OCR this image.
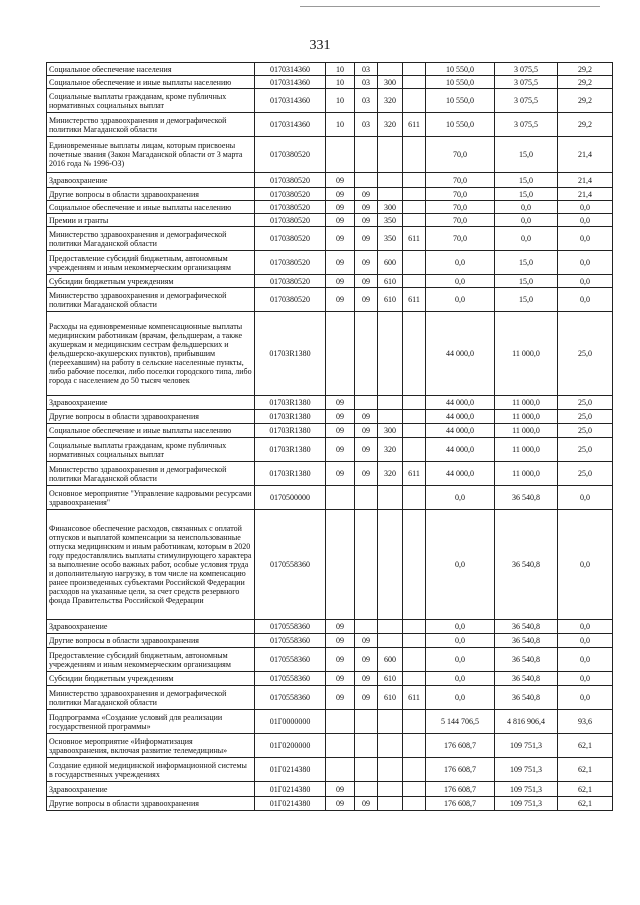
331
Социальное обеспечение населения	0170314360	10	03			10 550,0	3 075,5	29,2
Социальное обеспечение и иные выплаты населению	0170314360	10	03	300		10 550,0	3 075,5	29,2
Социальные выплаты гражданам, кроме публичных нормативных социальных выплат	0170314360	10	03	320		10 550,0	3 075,5	29,2
Министерство здравоохранения и демографической политики Магаданской области	0170314360	10	03	320	611	10 550,0	3 075,5	29,2
Единовременные выплаты лицам, которым присвоены почетные звания (Закон Магаданской области от 3 марта 2016 года № 1996-ОЗ)	0170380520					70,0	15,0	21,4
Здравоохранение	0170380520	09				70,0	15,0	21,4
Другие вопросы в области здравоохранения	0170380520	09	09			70,0	15,0	21,4
Социальное обеспечение и иные выплаты населению	0170380520	09	09	300		70,0	0,0	0,0
Премии и гранты	0170380520	09	09	350		70,0	0,0	0,0
Министерство здравоохранения и демографической политики Магаданской области	0170380520	09	09	350	611	70,0	0,0	0,0
Предоставление субсидий бюджетным, автономным учреждениям и иным некоммерческим организациям	0170380520	09	09	600		0,0	15,0	0,0
Субсидии бюджетным учреждениям	0170380520	09	09	610		0,0	15,0	0,0
Министерство здравоохранения и демографической политики Магаданской области	0170380520	09	09	610	611	0,0	15,0	0,0
Расходы на единовременные компенсационные выплаты медицинским работникам (врачам, фельдшерам, а также акушеркам и медицинским сестрам фельдшерских и фельдшерско-акушерских пунктов), прибывшим (переехавшим) на работу в сельские населенные пункты, либо рабочие поселки, либо поселки городского типа, либо города с населением до 50 тысяч человек	01703R1380					44 000,0	11 000,0	25,0
Здравоохранение	01703R1380	09				44 000,0	11 000,0	25,0
Другие вопросы в области здравоохранения	01703R1380	09	09			44 000,0	11 000,0	25,0
Социальное обеспечение и иные выплаты населению	01703R1380	09	09	300		44 000,0	11 000,0	25,0
Социальные выплаты гражданам, кроме публичных нормативных социальных выплат	01703R1380	09	09	320		44 000,0	11 000,0	25,0
Министерство здравоохранения и демографической политики Магаданской области	01703R1380	09	09	320	611	44 000,0	11 000,0	25,0
Основное мероприятие "Управление кадровыми ресурсами здравоохранения"	0170500000					0,0	36 540,8	0,0
Финансовое обеспечение расходов, связанных с оплатой отпусков и выплатой компенсации за неиспользованные отпуска медицинским и иным работникам, которым в 2020 году предоставлялись выплаты стимулирующего характера за выполнение особо важных работ, особые условия труда и дополнительную нагрузку, в том числе на компенсацию ранее произведенных субъектами Российской Федерации расходов на указанные цели, за счет средств резервного фонда Правительства Российской Федерации	0170558360					0,0	36 540,8	0,0
Здравоохранение	0170558360	09				0,0	36 540,8	0,0
Другие вопросы в области здравоохранения	0170558360	09	09			0,0	36 540,8	0,0
Предоставление субсидий бюджетным, автономным учреждениям и иным некоммерческим организациям	0170558360	09	09	600		0,0	36 540,8	0,0
Субсидии бюджетным учреждениям	0170558360	09	09	610		0,0	36 540,8	0,0
Министерство здравоохранения и демографической политики Магаданской области	0170558360	09	09	610	611	0,0	36 540,8	0,0
Подпрограмма «Создание условий для реализации государственной программы»	01Г0000000					5 144 706,5	4 816 906,4	93,6
Основное мероприятие «Информатизация здравоохранения, включая развитие телемедицины»	01Г0200000					176 608,7	109 751,3	62,1
Создание единой медицинской информационной системы в государственных учреждениях	01Г0214380					176 608,7	109 751,3	62,1
Здравоохранение	01Г0214380	09				176 608,7	109 751,3	62,1
Другие вопросы в области здравоохранения	01Г0214380	09	09			176 608,7	109 751,3	62,1
